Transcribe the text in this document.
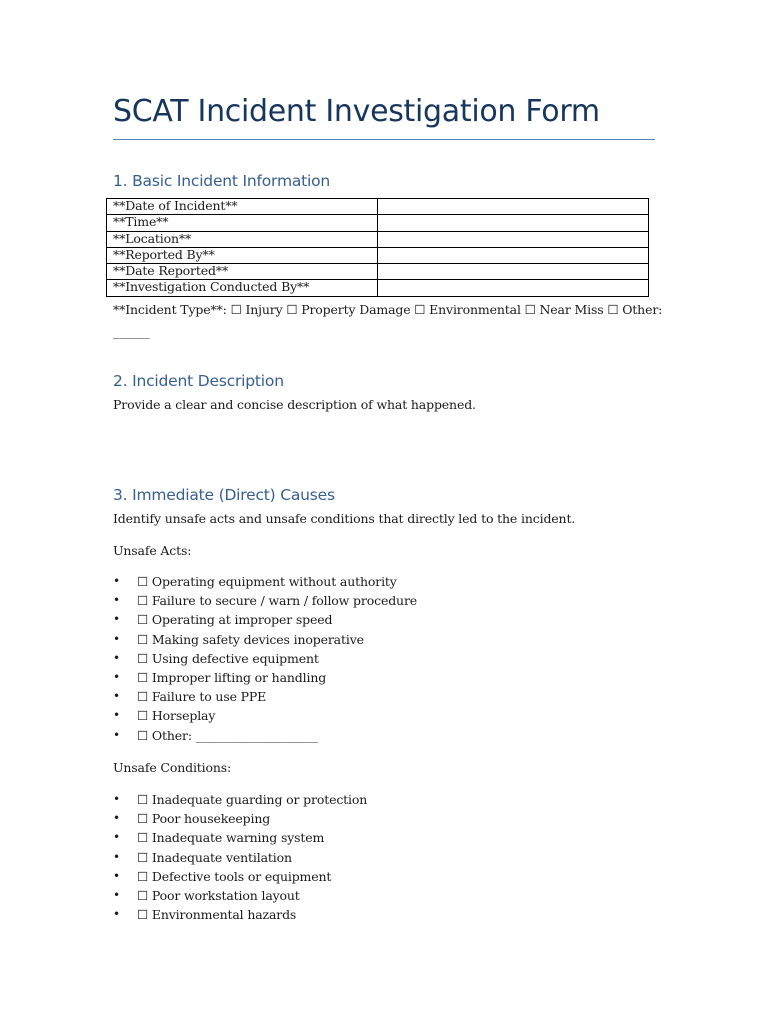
SCAT Incident Investigation Form
1. Basic Incident Information
**Date of Incident**	
**Time**	
**Location**	
**Reported By**	
**Date Reported**	
**Investigation Conducted By**	
**Incident Type**: ☐ Injury ☐ Property Damage ☐ Environmental ☐ Near Miss ☐ Other:
______
2. Incident Description
Provide a clear and concise description of what happened.
3. Immediate (Direct) Causes
Identify unsafe acts and unsafe conditions that directly led to the incident.
Unsafe Acts:
• ☐ Operating equipment without authority
• ☐ Failure to secure / warn / follow procedure
• ☐ Operating at improper speed
• ☐ Making safety devices inoperative
• ☐ Using defective equipment
• ☐ Improper lifting or handling
• ☐ Failure to use PPE
• ☐ Horseplay
• ☐ Other: ____________________
Unsafe Conditions:
• ☐ Inadequate guarding or protection
• ☐ Poor housekeeping
• ☐ Inadequate warning system
• ☐ Inadequate ventilation
• ☐ Defective tools or equipment
• ☐ Poor workstation layout
• ☐ Environmental hazards
